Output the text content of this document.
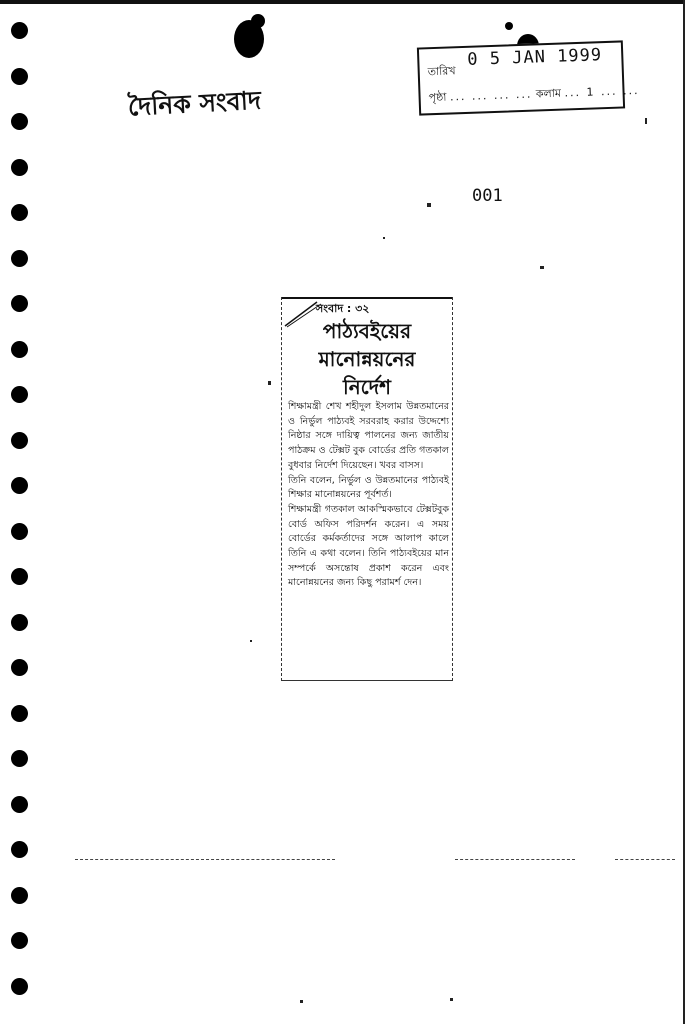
দৈনিক সংবাদ
তারিখ
0 5 JAN 1999
পৃষ্ঠা ... ... ... ... কলাম ... 1 ... ...
001
সংবাদ : ৩২
পাঠ্যবইয়ের
মানোন্নয়নের
নির্দেশ

শিক্ষামন্ত্রী শেখ শহীদুল ইসলাম উন্নতমানের ও নির্ভুল পাঠ্যবই সরবরাহ করার উদ্দেশ্যে নিষ্ঠার সঙ্গে দায়িত্ব পালনের জন্য জাতীয় পাঠক্রম ও টেক্সট বুক বোর্ডের প্রতি গতকাল বুধবার নির্দেশ দিয়েছেন। খবর বাসস।

তিনি বলেন, নির্ভুল ও উন্নতমানের পাঠ্যবই শিক্ষার মানোন্নয়নের পূর্বশর্ত।

শিক্ষামন্ত্রী গতকাল আকস্মিকভাবে টেক্সটবুক বোর্ড অফিস পরিদর্শন করেন। এ সময় বোর্ডের কর্মকর্তাদের সঙ্গে আলাপ কালে তিনি এ কথা বলেন। তিনি পাঠ্যবইয়ের মান সম্পর্কে অসন্তোষ প্রকাশ করেন এবং মানোন্নয়নের জন্য কিছু পরামর্শ দেন।
